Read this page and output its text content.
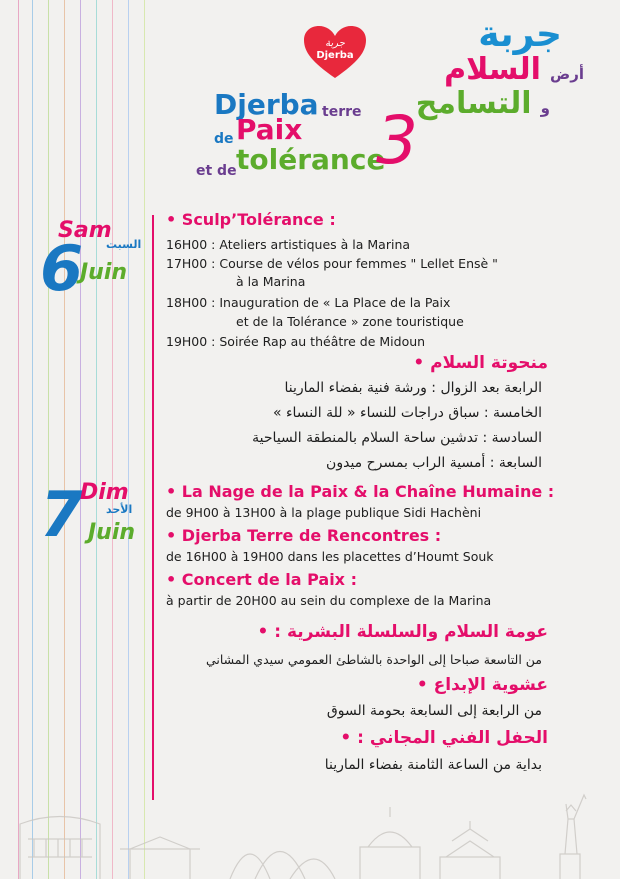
جربة
Djerba
جربة
أرض السلام
و التسامح
Djerba terre
de Paix
et de tolérance
3
6
Sam
السبت
Juin
• Sculp’Tolérance :
16H00 : Ateliers artistiques à la Marina
17H00 : Course de vélos pour femmes " Lellet Ensè "
à la Marina
18H00 : Inauguration de « La Place de la Paix
et de la Tolérance » zone touristique
19H00 : Soirée Rap au théâtre de Midoun
منحوتة السلام •
الرابعة بعد الزوال : ورشة فنية بفضاء المارينا
الخامسة : سباق دراجات للنساء « للة النساء »
السادسة : تدشين ساحة السلام بالمنطقة السياحية
السابعة : أمسية الراب بمسرح ميدون
7
Dim
الأحد
Juin
• La Nage de la Paix & la Chaîne Humaine :
de 9H00 à 13H00 à la plage publique Sidi Hachèni
• Djerba Terre de Rencontres :
de 16H00 à 19H00 dans les placettes d’Houmt Souk
• Concert de la Paix :
à partir de 20H00 au sein du complexe de la Marina
عومة السلام والسلسلة البشرية : •
من التاسعة صباحا إلى الواحدة بالشاطئ العمومي سيدي المشاني
عشوية الإبداع •
من الرابعة إلى السابعة بحومة السوق
الحفل الفني المجاني : •
بداية من الساعة الثامنة بفضاء المارينا
